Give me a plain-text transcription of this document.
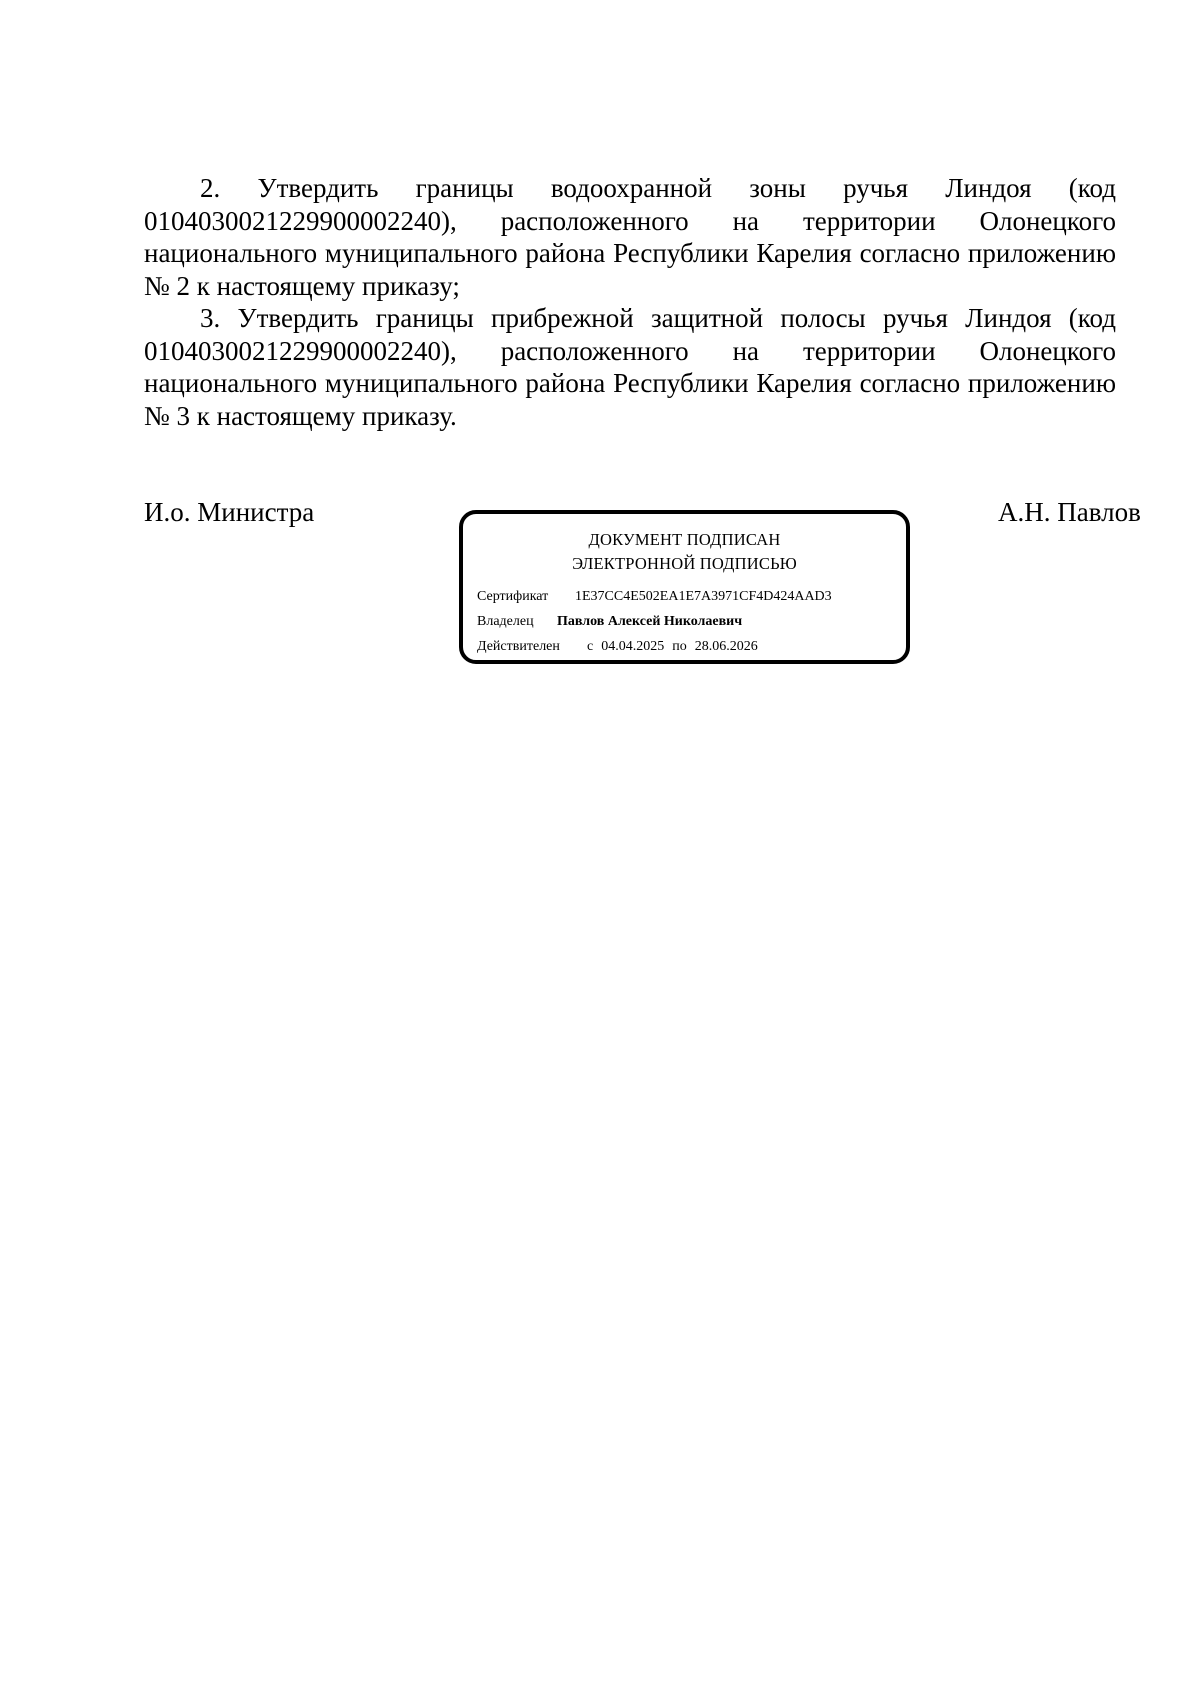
2. Утвердить границы водоохранной зоны ручья Линдоя (код 0104030021229900002240), расположенного на территории Олонецкого национального муниципального района Республики Карелия согласно приложению № 2 к настоящему приказу;

3. Утвердить границы прибрежной защитной полосы ручья Линдоя (код 0104030021229900002240), расположенного на территории Олонецкого национального муниципального района Республики Карелия согласно приложению № 3 к настоящему приказу.

И.о. Министра	А.Н. Павлов
ДОКУМЕНТ ПОДПИСАН
ЭЛЕКТРОННОЙ ПОДПИСЬЮ
Сертификат 1E37CC4E502EA1E7A3971CF4D424AAD3
Владелец Павлов Алексей Николаевич
Действителен с 04.04.2025 по 28.06.2026
